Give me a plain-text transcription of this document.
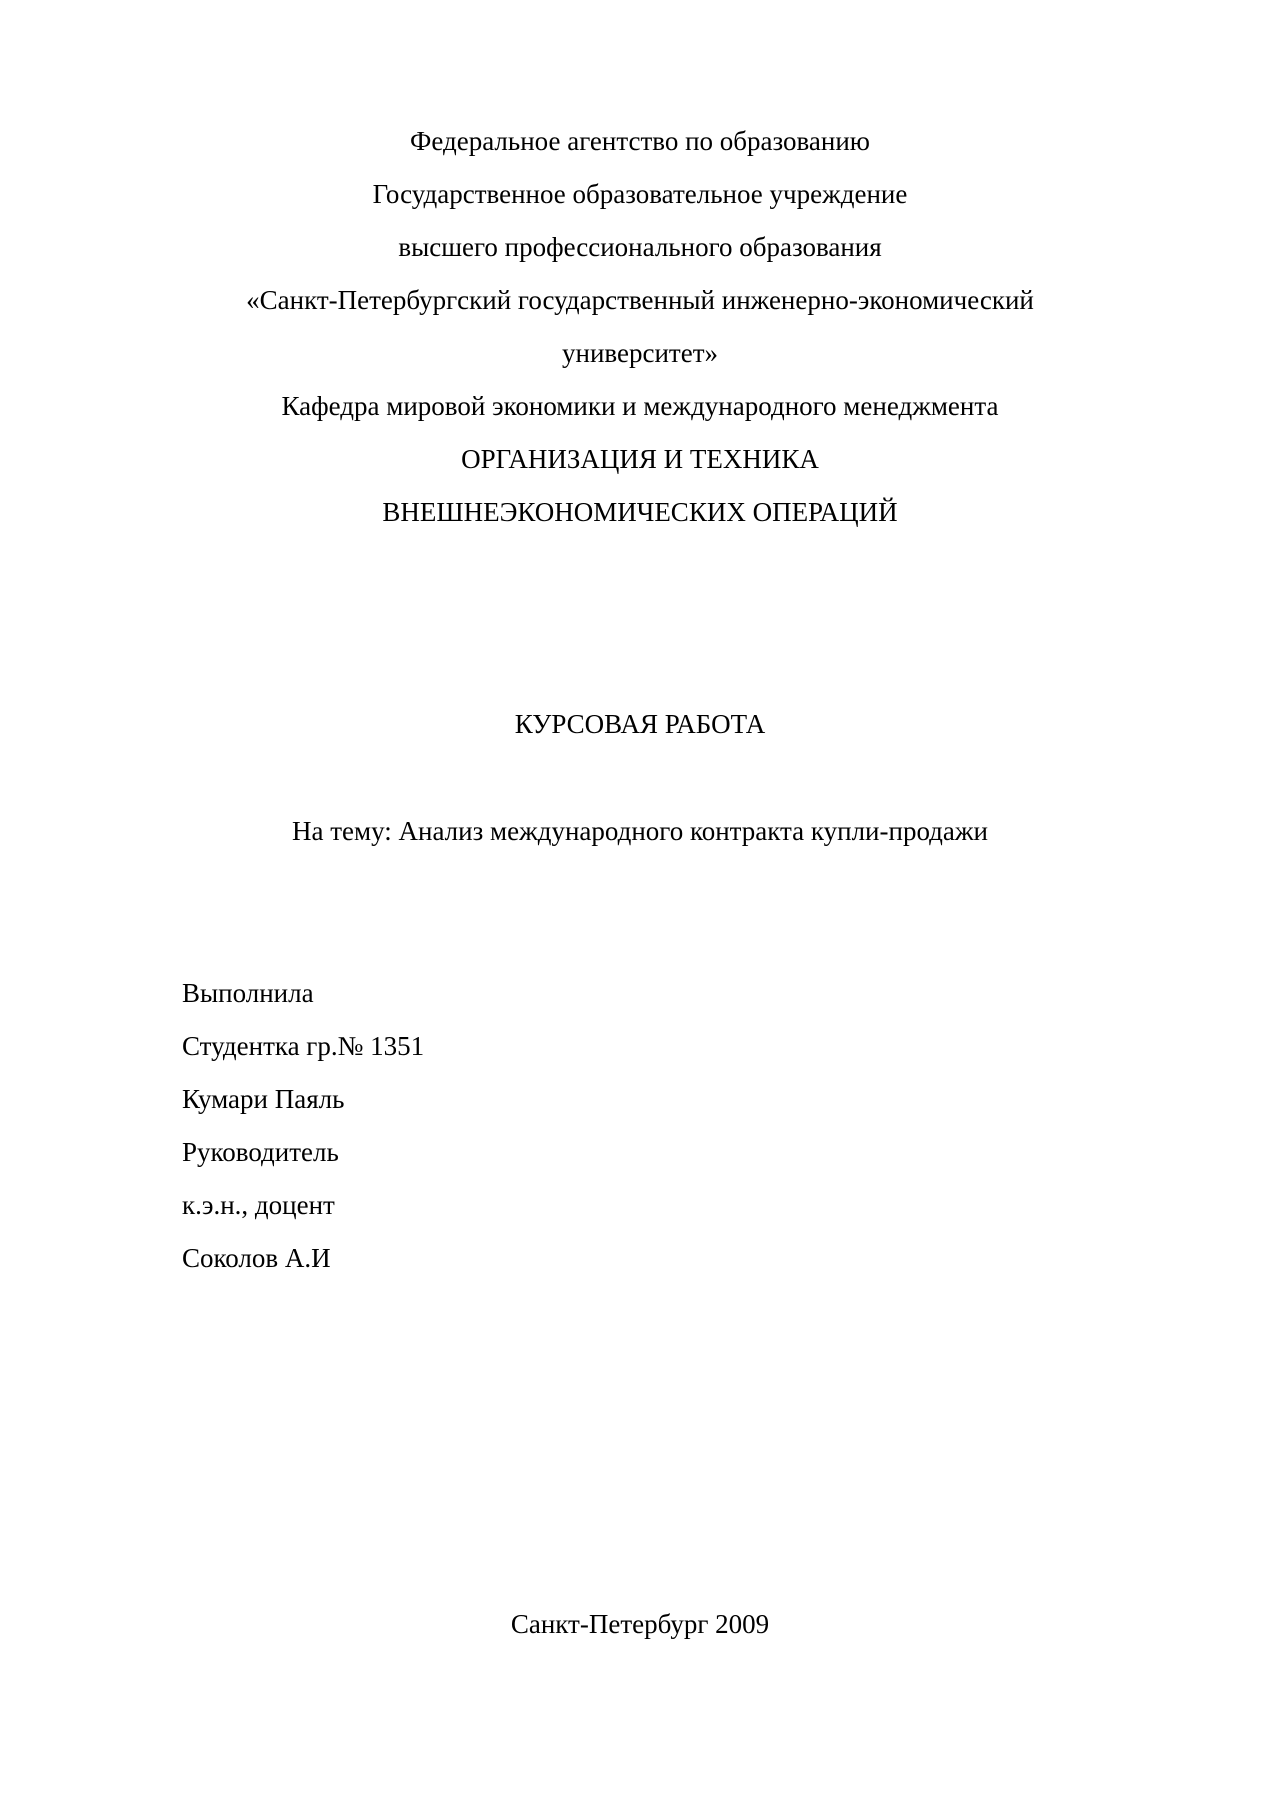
Федеральное агентство по образованию
Государственное образовательное учреждение
высшего профессионального образования
«Санкт-Петербургский государственный инженерно-экономический
университет»
Кафедра мировой экономики и международного менеджмента
ОРГАНИЗАЦИЯ И ТЕХНИКА
ВНЕШНЕЭКОНОМИЧЕСКИХ ОПЕРАЦИЙ
КУРСОВАЯ РАБОТА
На тему: Анализ международного контракта купли-продажи
Выполнила
Студентка гр.№ 1351
Кумари Паяль
Руководитель
к.э.н., доцент
Соколов А.И
Санкт-Петербург 2009
